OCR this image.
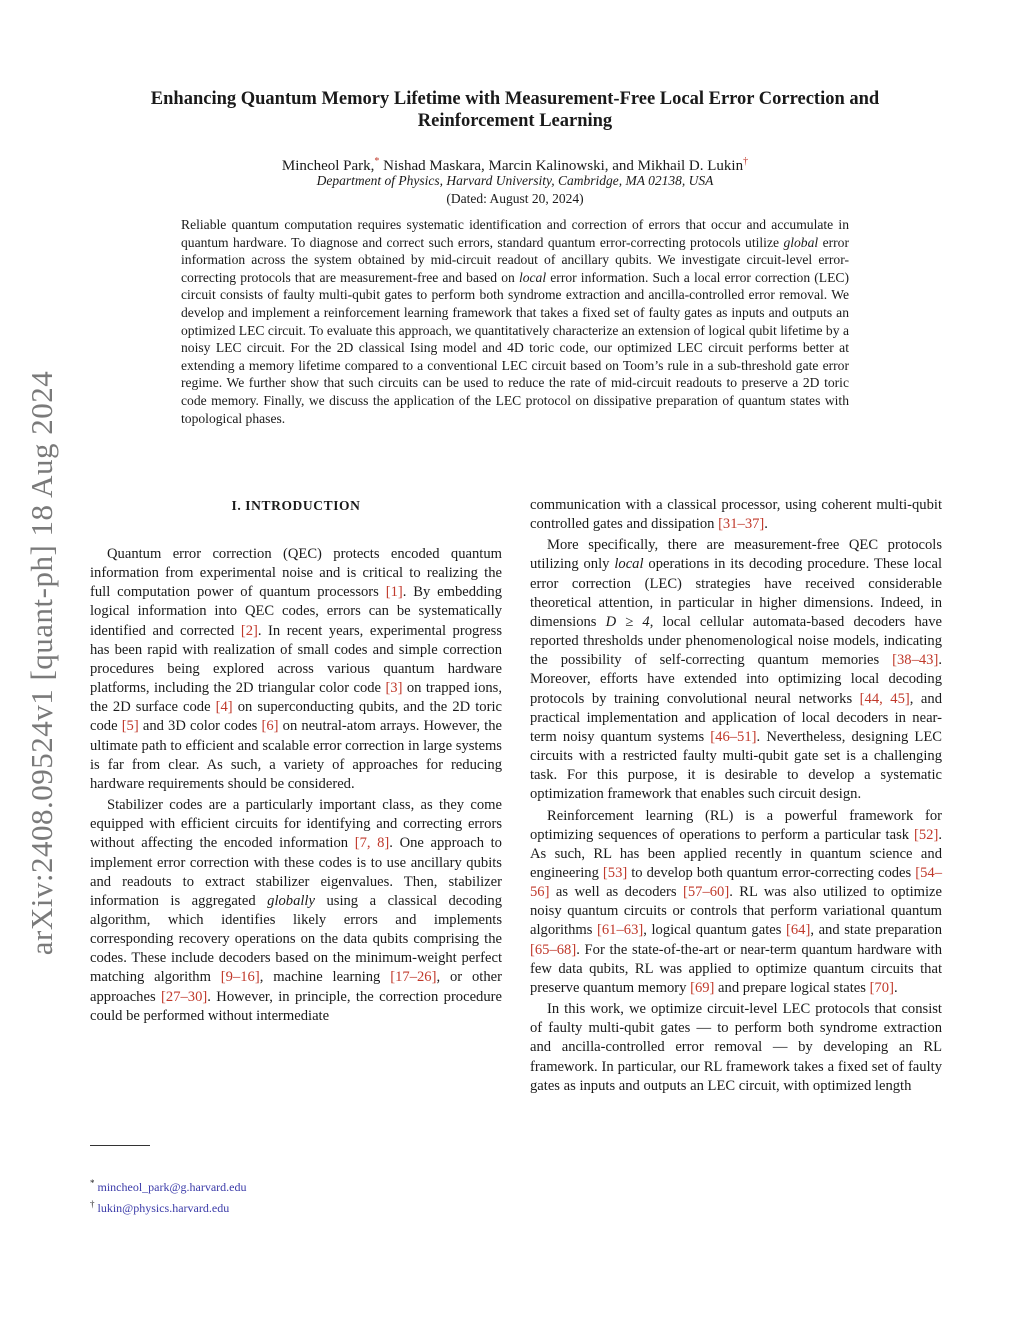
arXiv:2408.09524v1 [quant-ph] 18 Aug 2024
Enhancing Quantum Memory Lifetime with Measurement-Free Local Error Correction and Reinforcement Learning
Mincheol Park,* Nishad Maskara, Marcin Kalinowski, and Mikhail D. Lukin†
Department of Physics, Harvard University, Cambridge, MA 02138, USA
(Dated: August 20, 2024)

Reliable quantum computation requires systematic identification and correction of errors that occur and accumulate in quantum hardware. To diagnose and correct such errors, standard quantum error-correcting protocols utilize global error information across the system obtained by mid-circuit readout of ancillary qubits. We investigate circuit-level error-correcting protocols that are measurement-free and based on local error information. Such a local error correction (LEC) circuit consists of faulty multi-qubit gates to perform both syndrome extraction and ancilla-controlled error removal. We develop and implement a reinforcement learning framework that takes a fixed set of faulty gates as inputs and outputs an optimized LEC circuit. To evaluate this approach, we quantitatively characterize an extension of logical qubit lifetime by a noisy LEC circuit. For the 2D classical Ising model and 4D toric code, our optimized LEC circuit performs better at extending a memory lifetime compared to a conventional LEC circuit based on Toom’s rule in a sub-threshold gate error regime. We further show that such circuits can be used to reduce the rate of mid-circuit readouts to preserve a 2D toric code memory. Finally, we discuss the application of the LEC protocol on dissipative preparation of quantum states with topological phases.

I. INTRODUCTION

Quantum error correction (QEC) protects encoded quantum information from experimental noise and is critical to realizing the full computation power of quantum processors [1]. By embedding logical information into QEC codes, errors can be systematically identified and corrected [2]. In recent years, experimental progress has been rapid with realization of small codes and simple correction procedures being explored across various quantum hardware platforms, including the 2D triangular color code [3] on trapped ions, the 2D surface code [4] on superconducting qubits, and the 2D toric code [5] and 3D color codes [6] on neutral-atom arrays. However, the ultimate path to efficient and scalable error correction in large systems is far from clear. As such, a variety of approaches for reducing hardware requirements should be considered.

Stabilizer codes are a particularly important class, as they come equipped with efficient circuits for identifying and correcting errors without affecting the encoded information [7, 8]. One approach to implement error correction with these codes is to use ancillary qubits and readouts to extract stabilizer eigenvalues. Then, stabilizer information is aggregated globally using a classical decoding algorithm, which identifies likely errors and implements corresponding recovery operations on the data qubits comprising the codes. These include decoders based on the minimum-weight perfect matching algorithm [9–16], machine learning [17–26], or other approaches [27–30]. However, in principle, the correction procedure could be performed without intermediate

* mincheol_park@g.harvard.edu
† lukin@physics.harvard.edu

communication with a classical processor, using coherent multi-qubit controlled gates and dissipation [31–37].

More specifically, there are measurement-free QEC protocols utilizing only local operations in its decoding procedure. These local error correction (LEC) strategies have received considerable theoretical attention, in particular in higher dimensions. Indeed, in dimensions D ≥ 4, local cellular automata-based decoders have reported thresholds under phenomenological noise models, indicating the possibility of self-correcting quantum memories [38–43]. Moreover, efforts have extended into optimizing local decoding protocols by training convolutional neural networks [44, 45], and practical implementation and application of local decoders in near-term noisy quantum systems [46–51]. Nevertheless, designing LEC circuits with a restricted faulty multi-qubit gate set is a challenging task. For this purpose, it is desirable to develop a systematic optimization framework that enables such circuit design.

Reinforcement learning (RL) is a powerful framework for optimizing sequences of operations to perform a particular task [52]. As such, RL has been applied recently in quantum science and engineering [53] to develop both quantum error-correcting codes [54–56] as well as decoders [57–60]. RL was also utilized to optimize noisy quantum circuits or controls that perform variational quantum algorithms [61–63], logical quantum gates [64], and state preparation [65–68]. For the state-of-the-art or near-term quantum hardware with few data qubits, RL was applied to optimize quantum circuits that preserve quantum memory [69] and prepare logical states [70].

In this work, we optimize circuit-level LEC protocols that consist of faulty multi-qubit gates — to perform both syndrome extraction and ancilla-controlled error removal — by developing an RL framework. In particular, our RL framework takes a fixed set of faulty gates as inputs and outputs an LEC circuit, with optimized length
